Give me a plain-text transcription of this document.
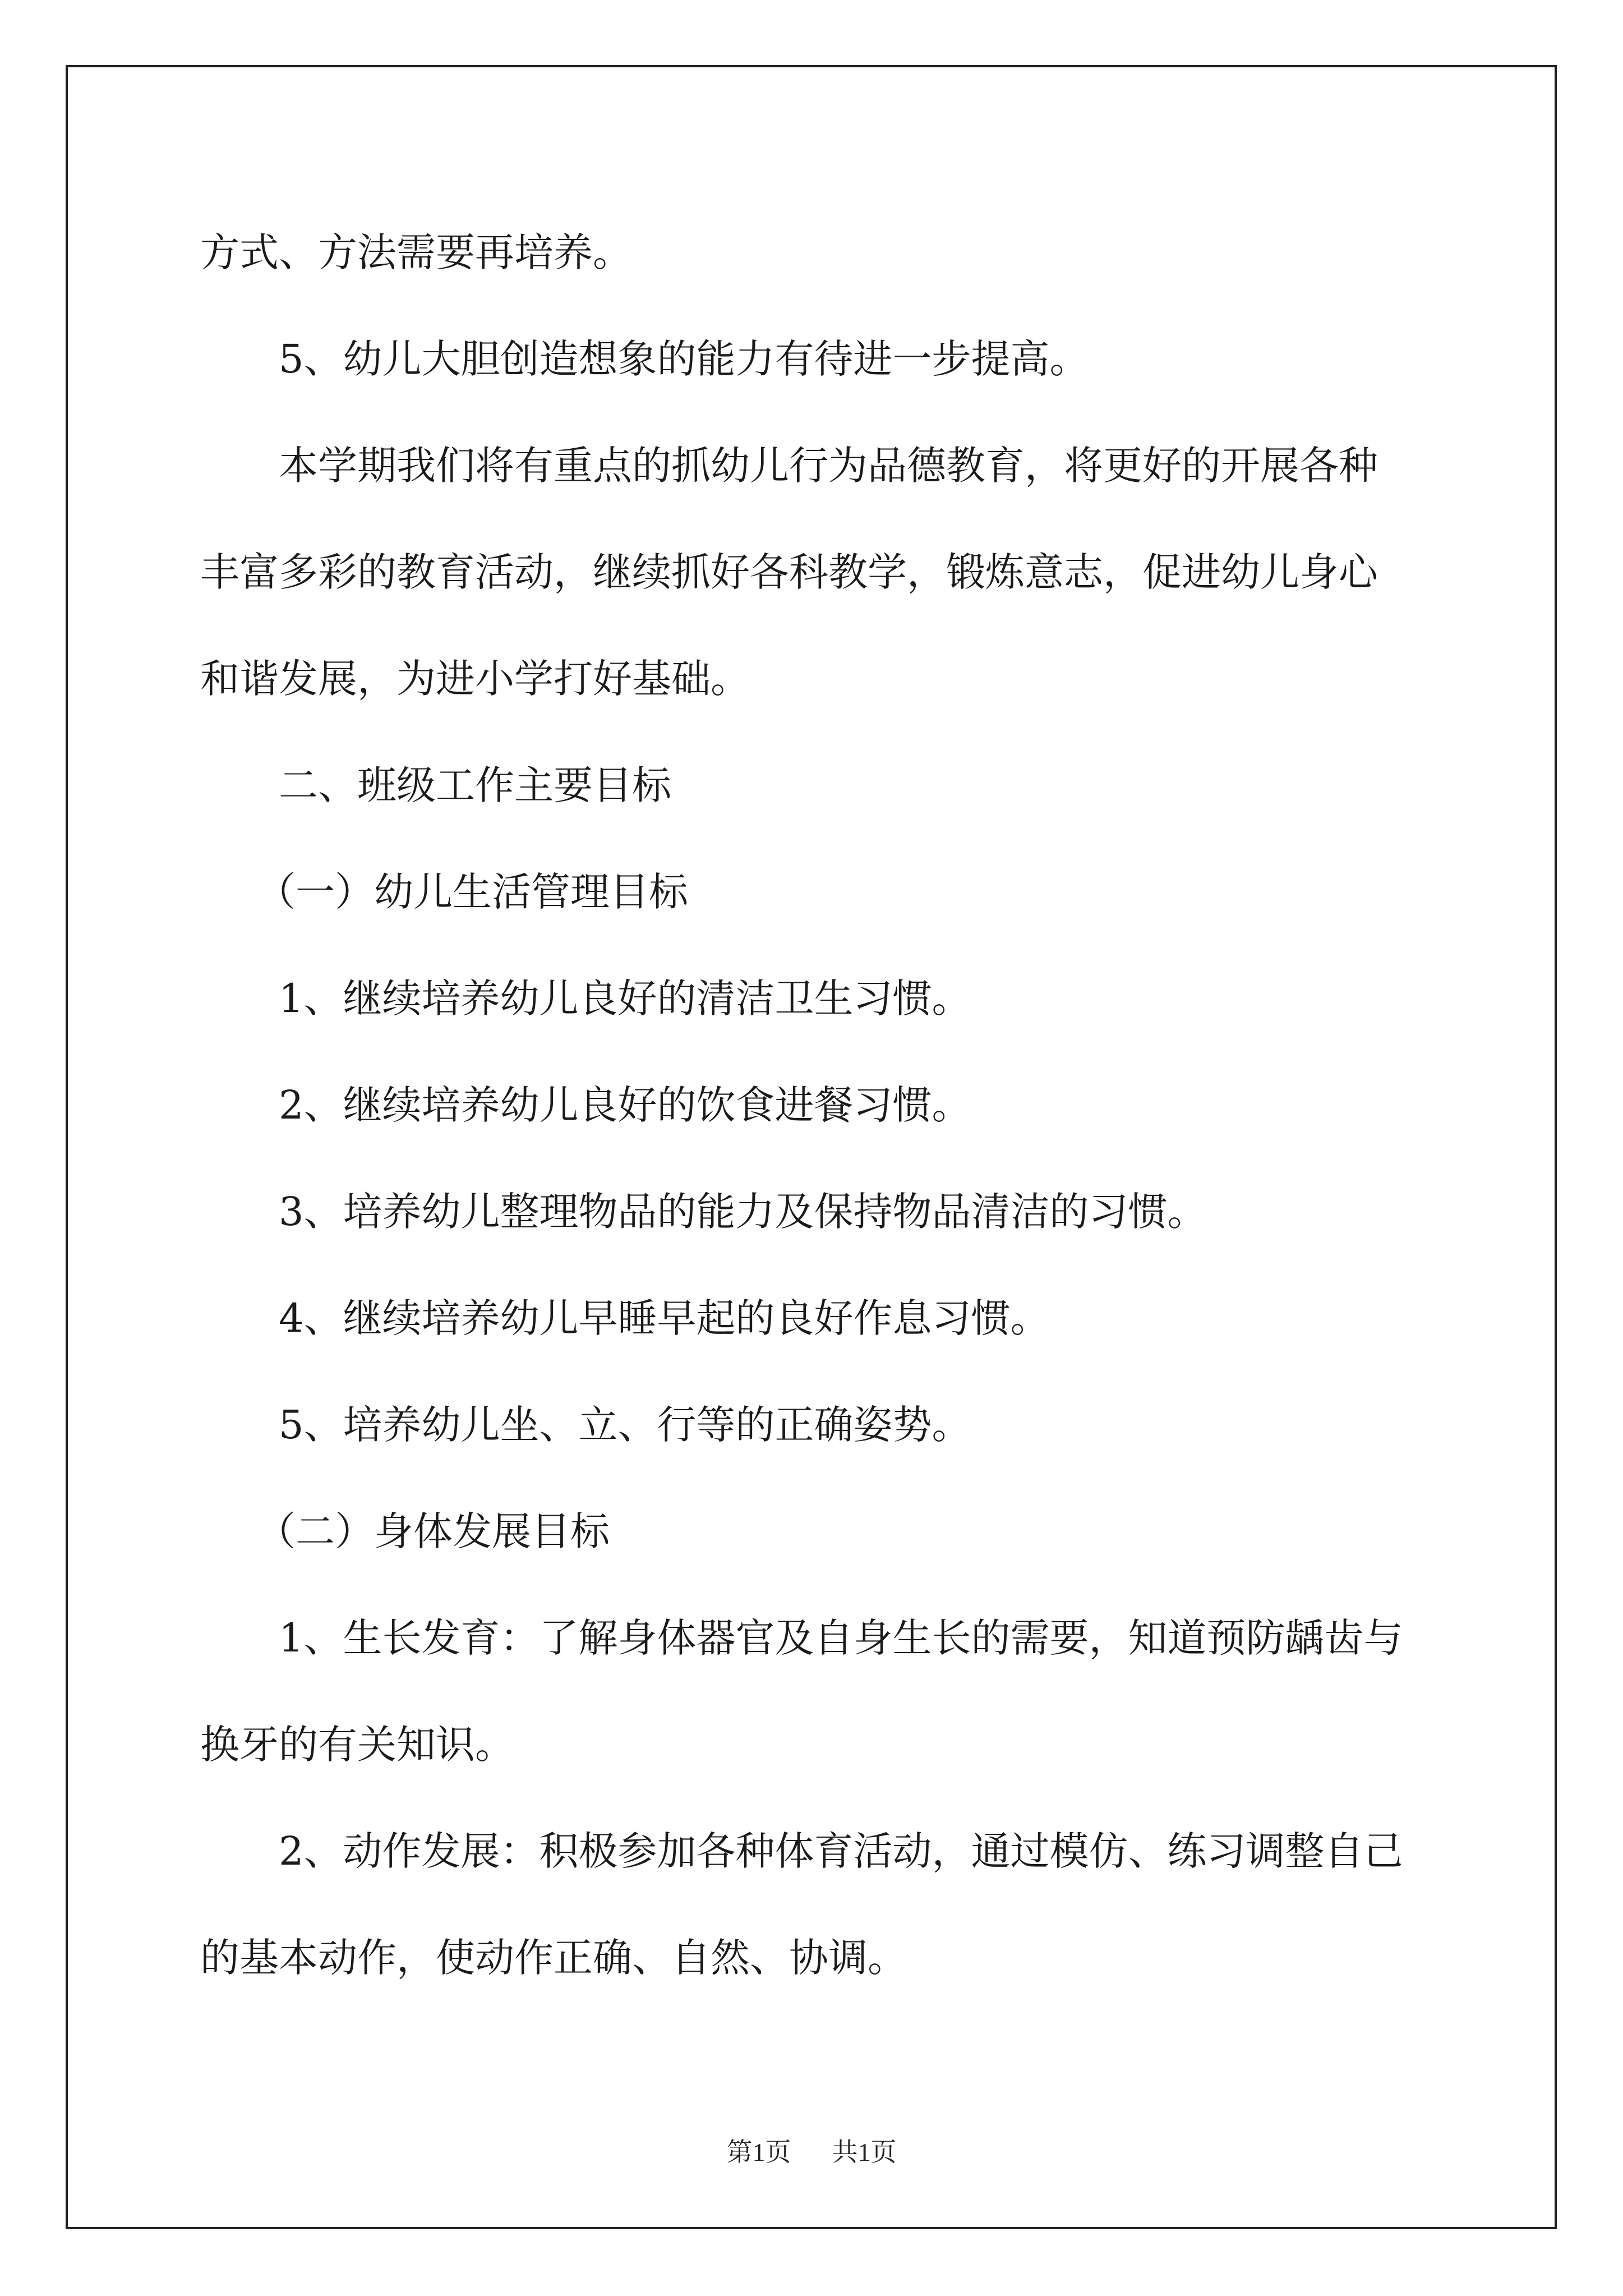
方式、方法需要再培养。
5、幼儿大胆创造想象的能力有待进一步提高。
本学期我们将有重点的抓幼儿行为品德教育，将更好的开展各种
丰富多彩的教育活动，继续抓好各科教学，锻炼意志，促进幼儿身心
和谐发展，为进小学打好基础。
二、班级工作主要目标
（一）幼儿生活管理目标
1、继续培养幼儿良好的清洁卫生习惯。
2、继续培养幼儿良好的饮食进餐习惯。
3、培养幼儿整理物品的能力及保持物品清洁的习惯。
4、继续培养幼儿早睡早起的良好作息习惯。
5、培养幼儿坐、立、行等的正确姿势。
（二）身体发展目标
1、生长发育：了解身体器官及自身生长的需要，知道预防龋齿与
换牙的有关知识。
2、动作发展：积极参加各种体育活动，通过模仿、练习调整自己
的基本动作，使动作正确、自然、协调。
第1页 共1页
